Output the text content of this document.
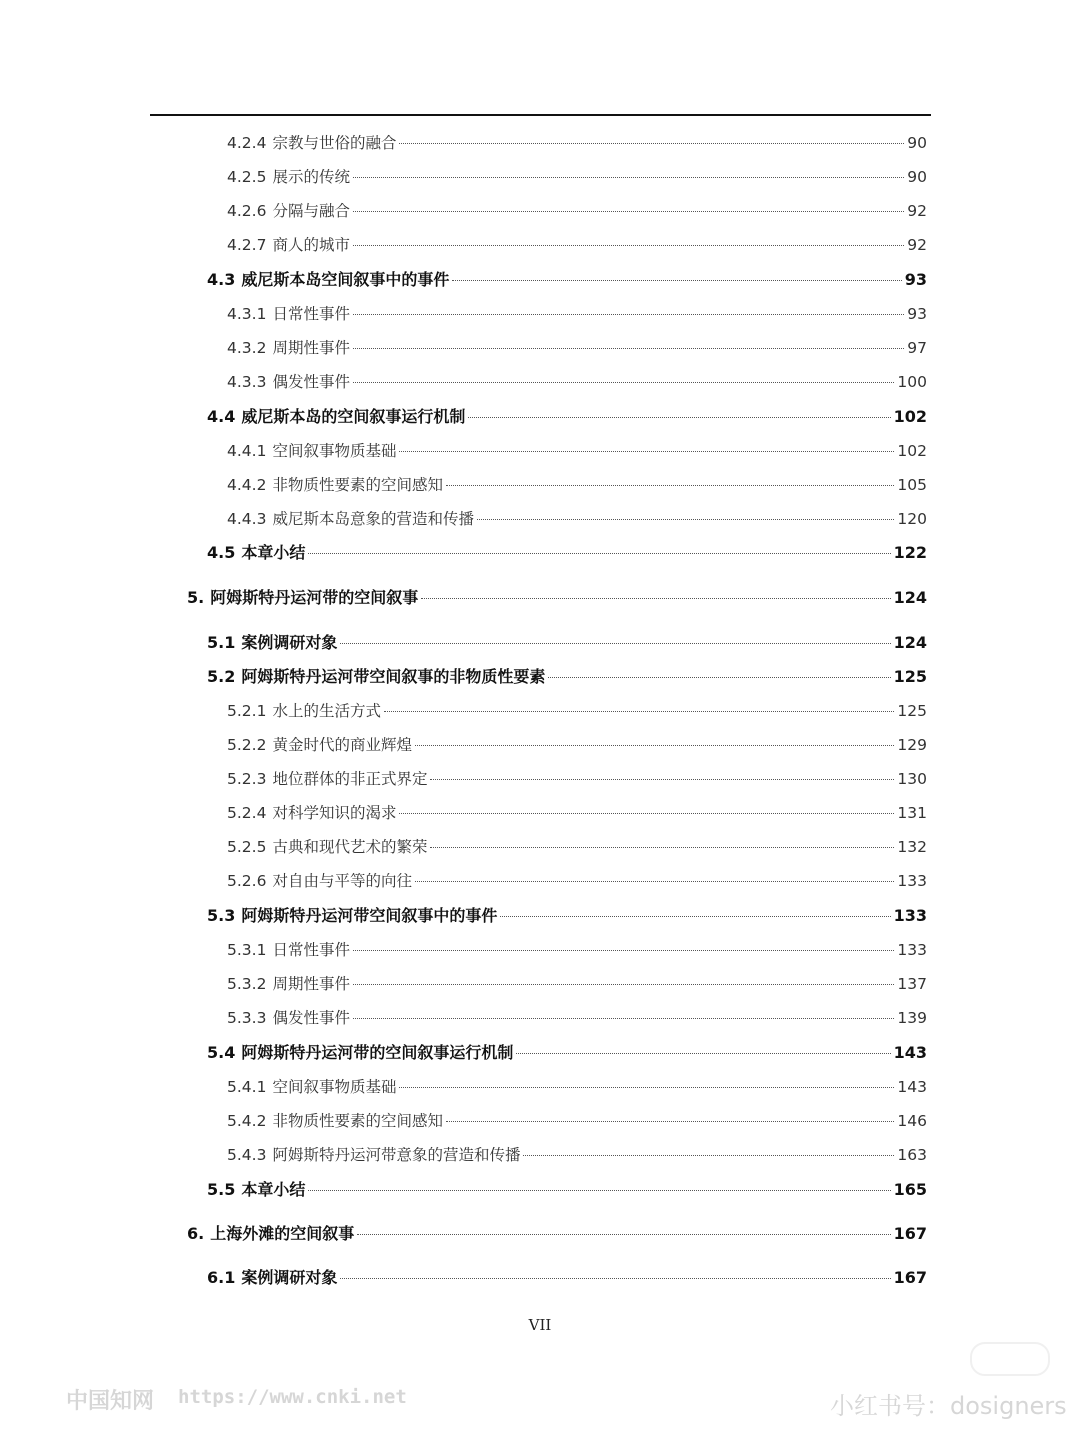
4.2.4 宗教与世俗的融合	90
4.2.5 展示的传统	90
4.2.6 分隔与融合	92
4.2.7 商人的城市	92
4.3 威尼斯本岛空间叙事中的事件	93
4.3.1 日常性事件	93
4.3.2 周期性事件	97
4.3.3 偶发性事件	100
4.4 威尼斯本岛的空间叙事运行机制	102
4.4.1 空间叙事物质基础	102
4.4.2 非物质性要素的空间感知	105
4.4.3 威尼斯本岛意象的营造和传播	120
4.5 本章小结	122
5. 阿姆斯特丹运河带的空间叙事	124
5.1 案例调研对象	124
5.2 阿姆斯特丹运河带空间叙事的非物质性要素	125
5.2.1 水上的生活方式	125
5.2.2 黄金时代的商业辉煌	129
5.2.3 地位群体的非正式界定	130
5.2.4 对科学知识的渴求	131
5.2.5 古典和现代艺术的繁荣	132
5.2.6 对自由与平等的向往	133
5.3 阿姆斯特丹运河带空间叙事中的事件	133
5.3.1 日常性事件	133
5.3.2 周期性事件	137
5.3.3 偶发性事件	139
5.4 阿姆斯特丹运河带的空间叙事运行机制	143
5.4.1 空间叙事物质基础	143
5.4.2 非物质性要素的空间感知	146
5.4.3 阿姆斯特丹运河带意象的营造和传播	163
5.5 本章小结	165
6. 上海外滩的空间叙事	167
6.1 案例调研对象	167
VII
中国知网 https://www.cnki.net	小红书号：dosigners
